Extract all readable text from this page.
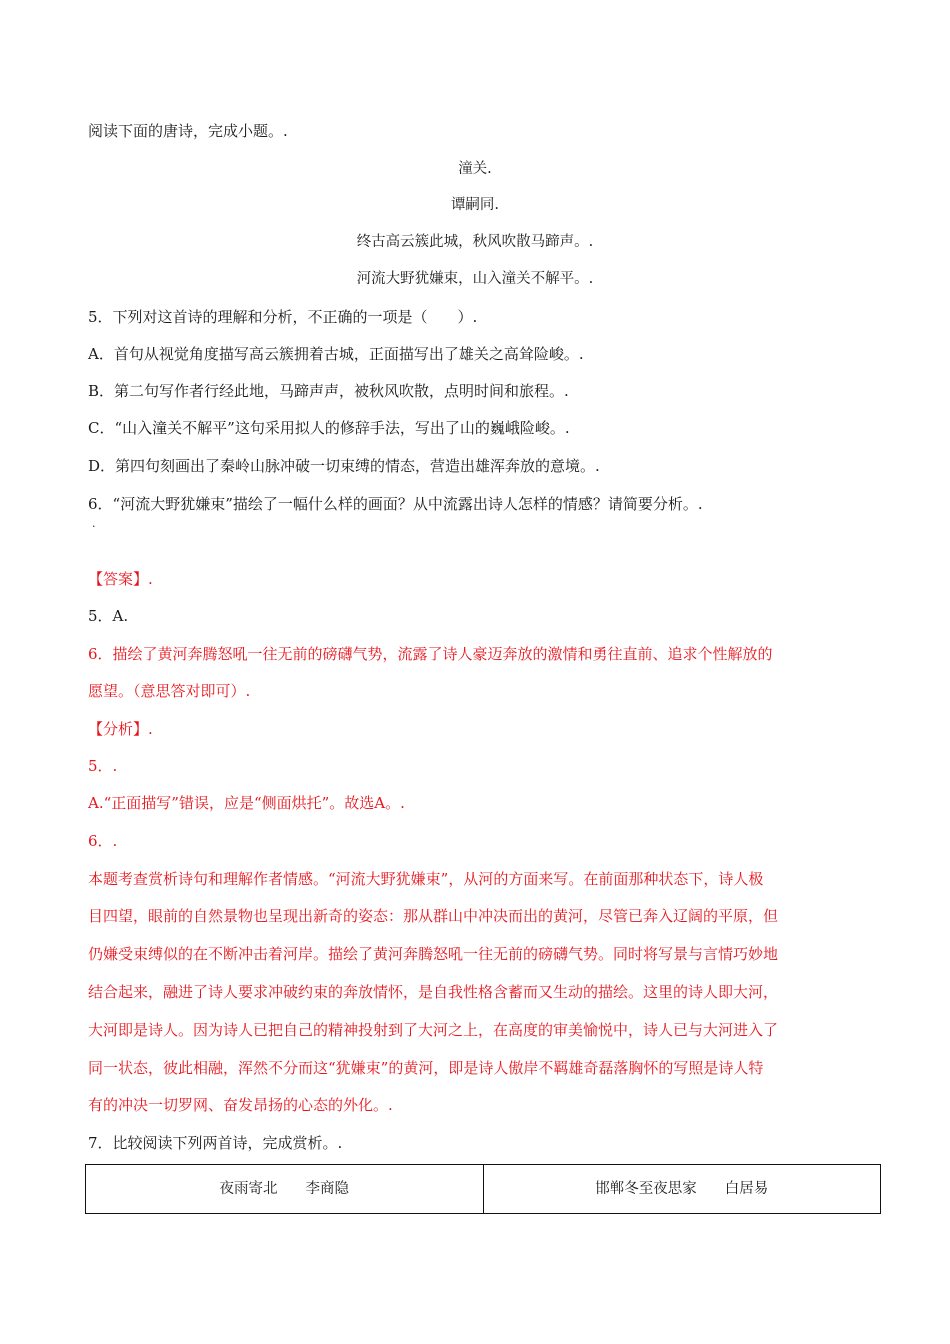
阅读下面的唐诗，完成小题。.
潼关.
谭嗣同.
终古高云簇此城，秋风吹散马蹄声。.
河流大野犹嫌束，山入潼关不解平。.
5．下列对这首诗的理解和分析，不正确的一项是（　　）.
A．首句从视觉角度描写高云簇拥着古城，正面描写出了雄关之高耸险峻。.
B．第二句写作者行经此地，马蹄声声，被秋风吹散，点明时间和旅程。.
C．“山入潼关不解平”这句采用拟人的修辞手法，写出了山的巍峨险峻。.
D．第四句刻画出了秦岭山脉冲破一切束缚的情态，营造出雄浑奔放的意境。.
6．“河流大野犹嫌束”描绘了一幅什么样的画面？从中流露出诗人怎样的情感？请简要分析。.
.
【答案】.
5．A.
6．描绘了黄河奔腾怒吼一往无前的磅礴气势，流露了诗人豪迈奔放的激情和勇往直前、追求个性解放的
愿望。（意思答对即可）.
【分析】.
5．.
A.“正面描写”错误，应是“侧面烘托”。故选A。.
6．.
本题考查赏析诗句和理解作者情感。“河流大野犹嫌束”，从河的方面来写。在前面那种状态下，诗人极
目四望，眼前的自然景物也呈现出新奇的姿态：那从群山中冲决而出的黄河，尽管已奔入辽阔的平原，但
仍嫌受束缚似的在不断冲击着河岸。描绘了黄河奔腾怒吼一往无前的磅礴气势。同时将写景与言情巧妙地
结合起来，融进了诗人要求冲破约束的奔放情怀，是自我性格含蓄而又生动的描绘。这里的诗人即大河，
大河即是诗人。因为诗人已把自己的精神投射到了大河之上，在高度的审美愉悦中，诗人已与大河进入了
同一状态，彼此相融，浑然不分而这“犹嫌束”的黄河，即是诗人傲岸不羁雄奇磊落胸怀的写照是诗人特
有的冲决一切罗网、奋发昂扬的心态的外化。.
7．比较阅读下列两首诗，完成赏析。.
夜雨寄北 李商隐	邯郸冬至夜思家 白居易
